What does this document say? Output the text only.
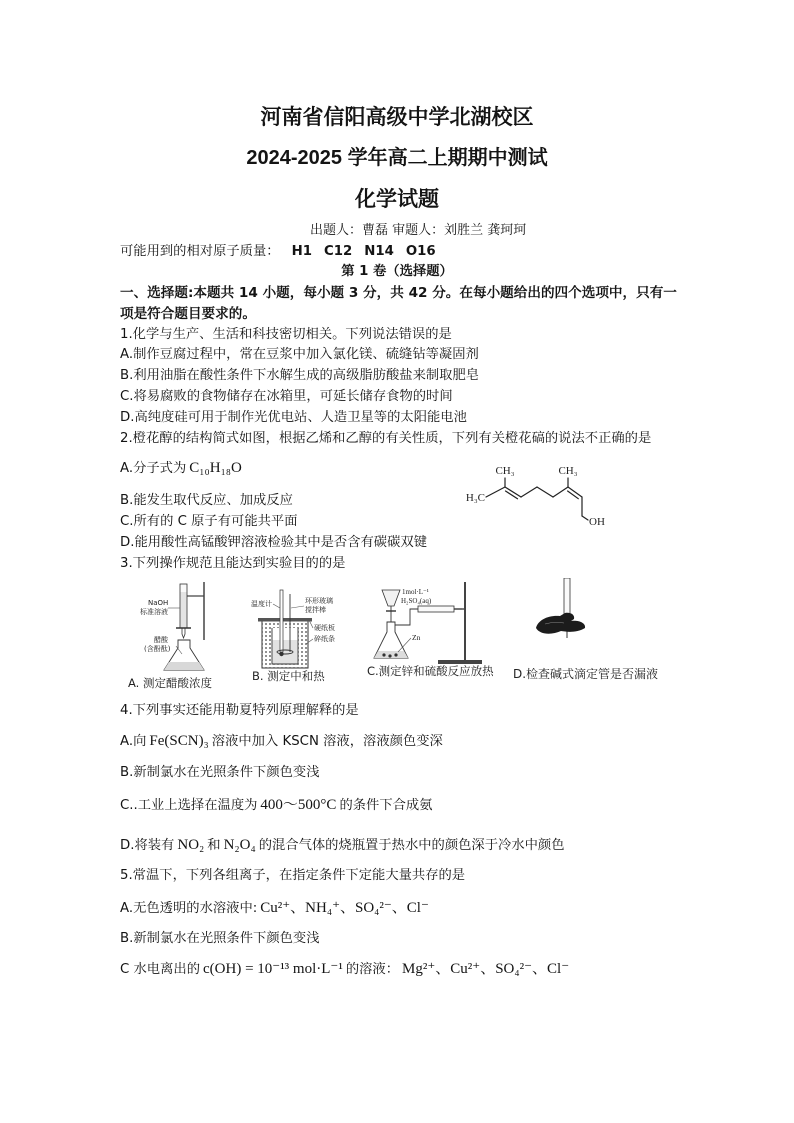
河南省信阳高级中学北湖校区
2024-2025 学年高二上期期中测试
化学试题
出题人：曹磊 审题人：刘胜兰 龚珂珂
可能用到的相对原子质量： H1 C12 N14 O16
第 1 卷（选择题）
一、选择题:本题共 14 小题，每小题 3 分，共 42 分。在每小题给出的四个选项中，只有一
项是符合题目要求的。
1.化学与生产、生活和科技密切相关。下列说法错误的是
A.制作豆腐过程中，常在豆浆中加入氯化镁、硫缝钻等凝固剂
B.利用油脂在酸性条件下水解生成的高级脂肪酸盐来制取肥皂
C.将易腐败的食物储存在冰箱里，可延长储存食物的时间
D.高纯度硅可用于制作光优电站、人造卫星等的太阳能电池
2.橙花醇的结构简式如图，根据乙烯和乙醇的有关性质，下列有关橙花碻的说法不正确的是
A.分子式为 C₁₀H₁₈O
B.能发生取代反应、加成反应
C.所有的 C 原子有可能共平面
D.能用酸性高锰酸钾溶液检验其中是否含有碳碳双键
CH₃	CH₃
H₃C
OH
3.下列操作规范且能达到实验目的的是
NaOH
标准溶液
醋酸
(含酚酞)
A. 测定醋酸浓度
温度计	环形玻璃
搅拌棒
硬纸板
碎纸条
B. 测定中和热
1mol·L⁻¹
H₂SO₄(aq)
Zn
C.测定锌和硫酸反应放热 D.检查碱式滴定管是否漏液
4.下列事实还能用勒夏特列原理解释的是
A.向 Fe(SCN)₃ 溶液中加入 KSCN 溶液，溶液颜色变深
B.新制氯水在光照条件下颜色变浅
C..工业上选择在温度为 400～500°C 的条件下合成氨
D.将装有 NO₂ 和 N₂O₄ 的混合气体的烧瓶置于热水中的颜色深于冷水中颜色
5.常温下，下列各组离子，在指定条件下定能大量共存的是
A.无色透明的水溶液中: Cu²⁺、NH₄⁺、SO₄²⁻、Cl⁻
B.新制氯水在光照条件下颜色变浅
C 水电离出的 c(OH) = 10⁻¹³ mol·L⁻¹ 的溶液： Mg²⁺、Cu²⁺、SO₄²⁻、Cl⁻
